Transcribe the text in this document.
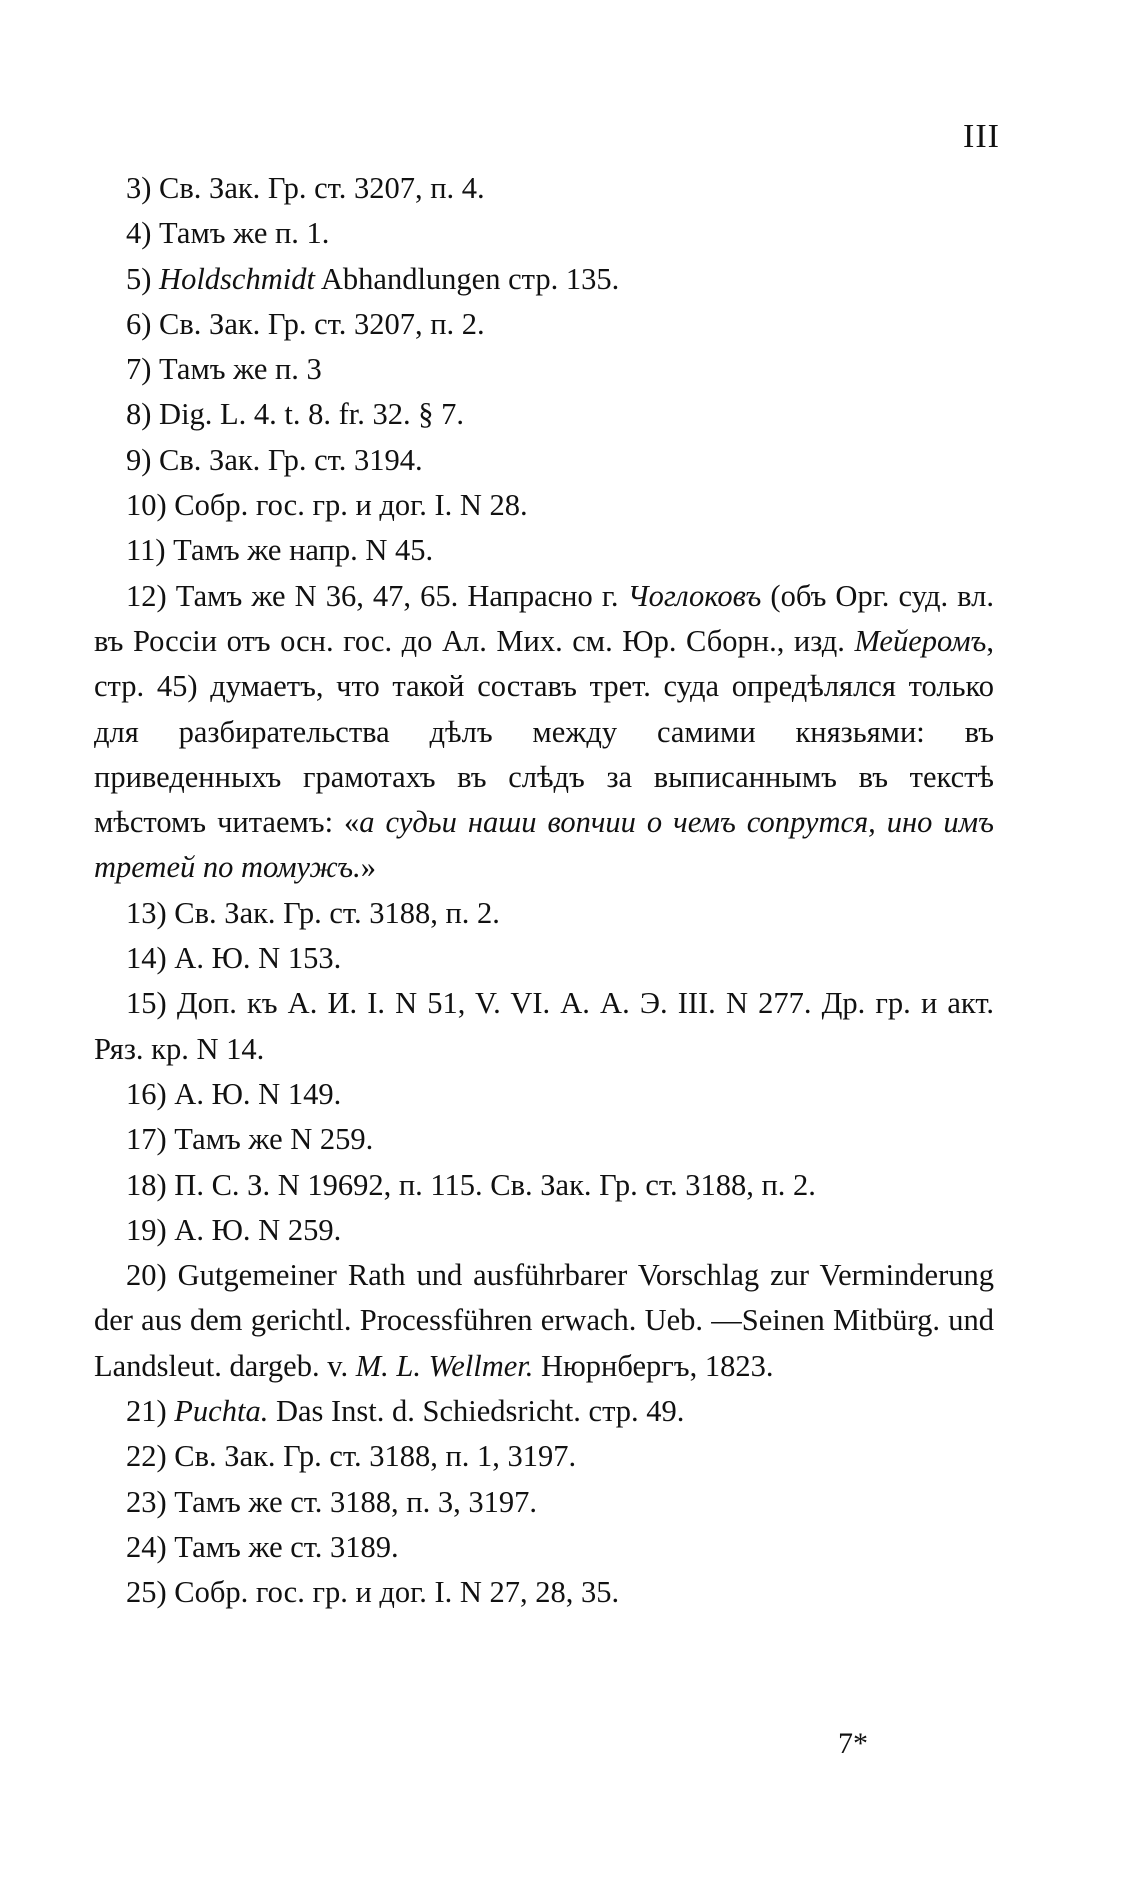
III
3) Св. Зак. Гр. ст. 3207, п. 4.
4) Тамъ же п. 1.
5) Holdschmidt Abhandlungen стр. 135.
6) Св. Зак. Гр. ст. 3207, п. 2.
7) Тамъ же п. 3
8) Dig. L. 4. t. 8. fr. 32. § 7.
9) Св. Зак. Гр. ст. 3194.
10) Собр. гос. гр. и дог. I. N 28.
11) Тамъ же напр. N 45.
12) Тамъ же N 36, 47, 65. Напрасно г. Чоглоковъ (объ Орг. суд. вл. въ Россіи отъ осн. гос. до Ал. Мих. см. Юр. Сборн., изд. Мейеромъ, стр. 45) думаетъ, что такой составъ трет. суда опредѣлялся только для разбирательства дѣлъ между самими князьями: въ приведенныхъ грамотахъ въ слѣдъ за выписаннымъ въ текстѣ мѣстомъ читаемъ: «а судьи наши вопчии о чемъ сопрутся, ино имъ третей по томужъ.»
13) Св. Зак. Гр. ст. 3188, п. 2.
14) А. Ю. N 153.
15) Доп. къ А. И. I. N 51, V. VI. А. А. Э. III. N 277. Др. гр. и акт. Ряз. кр. N 14.
16) А. Ю. N 149.
17) Тамъ же N 259.
18) П. С. З. N 19692, п. 115. Св. Зак. Гр. ст. 3188, п. 2.
19) А. Ю. N 259.
20) Gutgemeiner Rath und ausführbarer Vorschlag zur Verminderung der aus dem gerichtl. Processführen erwach. Ueb. —Seinen Mitbürg. und Landsleut. dargeb. v. M. L. Wellmer. Нюрнбергъ, 1823.
21) Puchta. Das Inst. d. Schiedsricht. стр. 49.
22) Св. Зак. Гр. ст. 3188, п. 1, 3197.
23) Тамъ же ст. 3188, п. 3, 3197.
24) Тамъ же ст. 3189.
25) Собр. гос. гр. и дог. I. N 27, 28, 35.
7*
